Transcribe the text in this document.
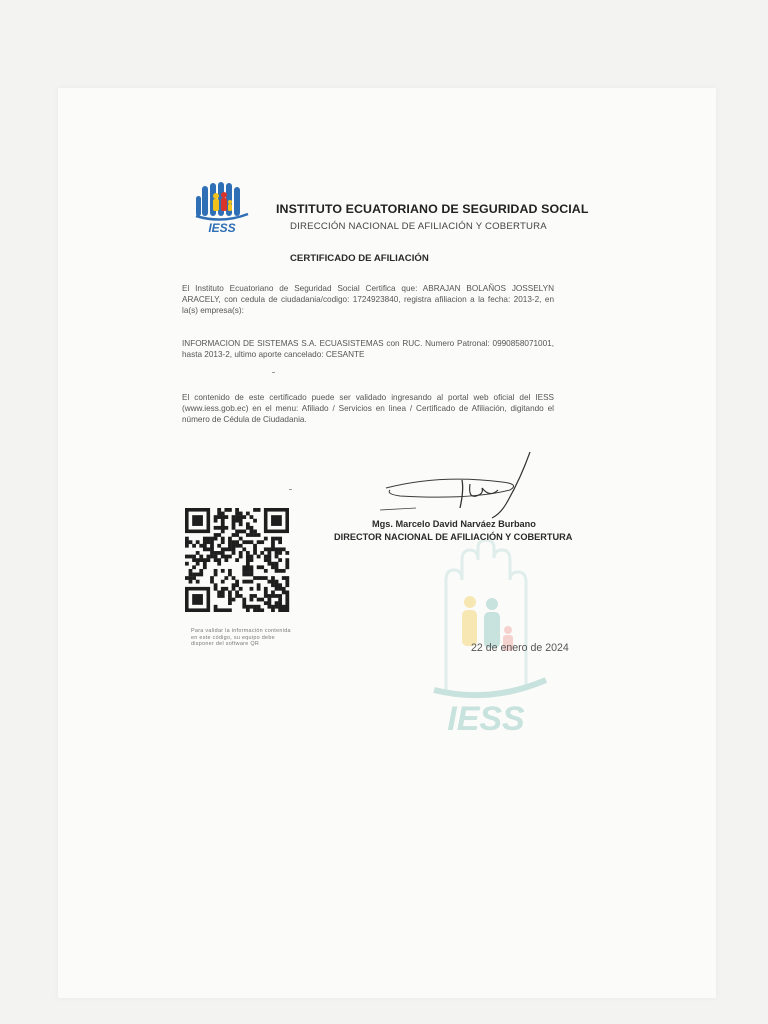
IESS
INSTITUTO ECUATORIANO DE SEGURIDAD SOCIAL
DIRECCIÓN NACIONAL DE AFILIACIÓN Y COBERTURA
CERTIFICADO DE AFILIACIÓN

El Instituto Ecuatoriano de Seguridad Social Certifica que: ABRAJAN BOLAÑOS JOSSELYN ARACELY, con cedula de ciudadania/codigo: 1724923840, registra afiliacion a la fecha: 2013-2, en la(s) empresa(s):

INFORMACION DE SISTEMAS S.A. ECUASISTEMAS con RUC. Numero Patronal: 0990858071001, hasta 2013-2, ultimo aporte cancelado: CESANTE

El contenido de este certificado puede ser validado ingresando al portal web oficial del IESS (www.iess.gob.ec) en el menu: Afiliado / Servicios en linea / Certificado de Afiliación, digitando el número de Cédula de Ciudadania.

Mgs. Marcelo David Narváez Burbano
DIRECTOR NACIONAL DE AFILIACIÓN Y COBERTURA

Para validar la información contenida en este código, su equipo debe disponer del software QR

IESS
22 de enero de 2024
